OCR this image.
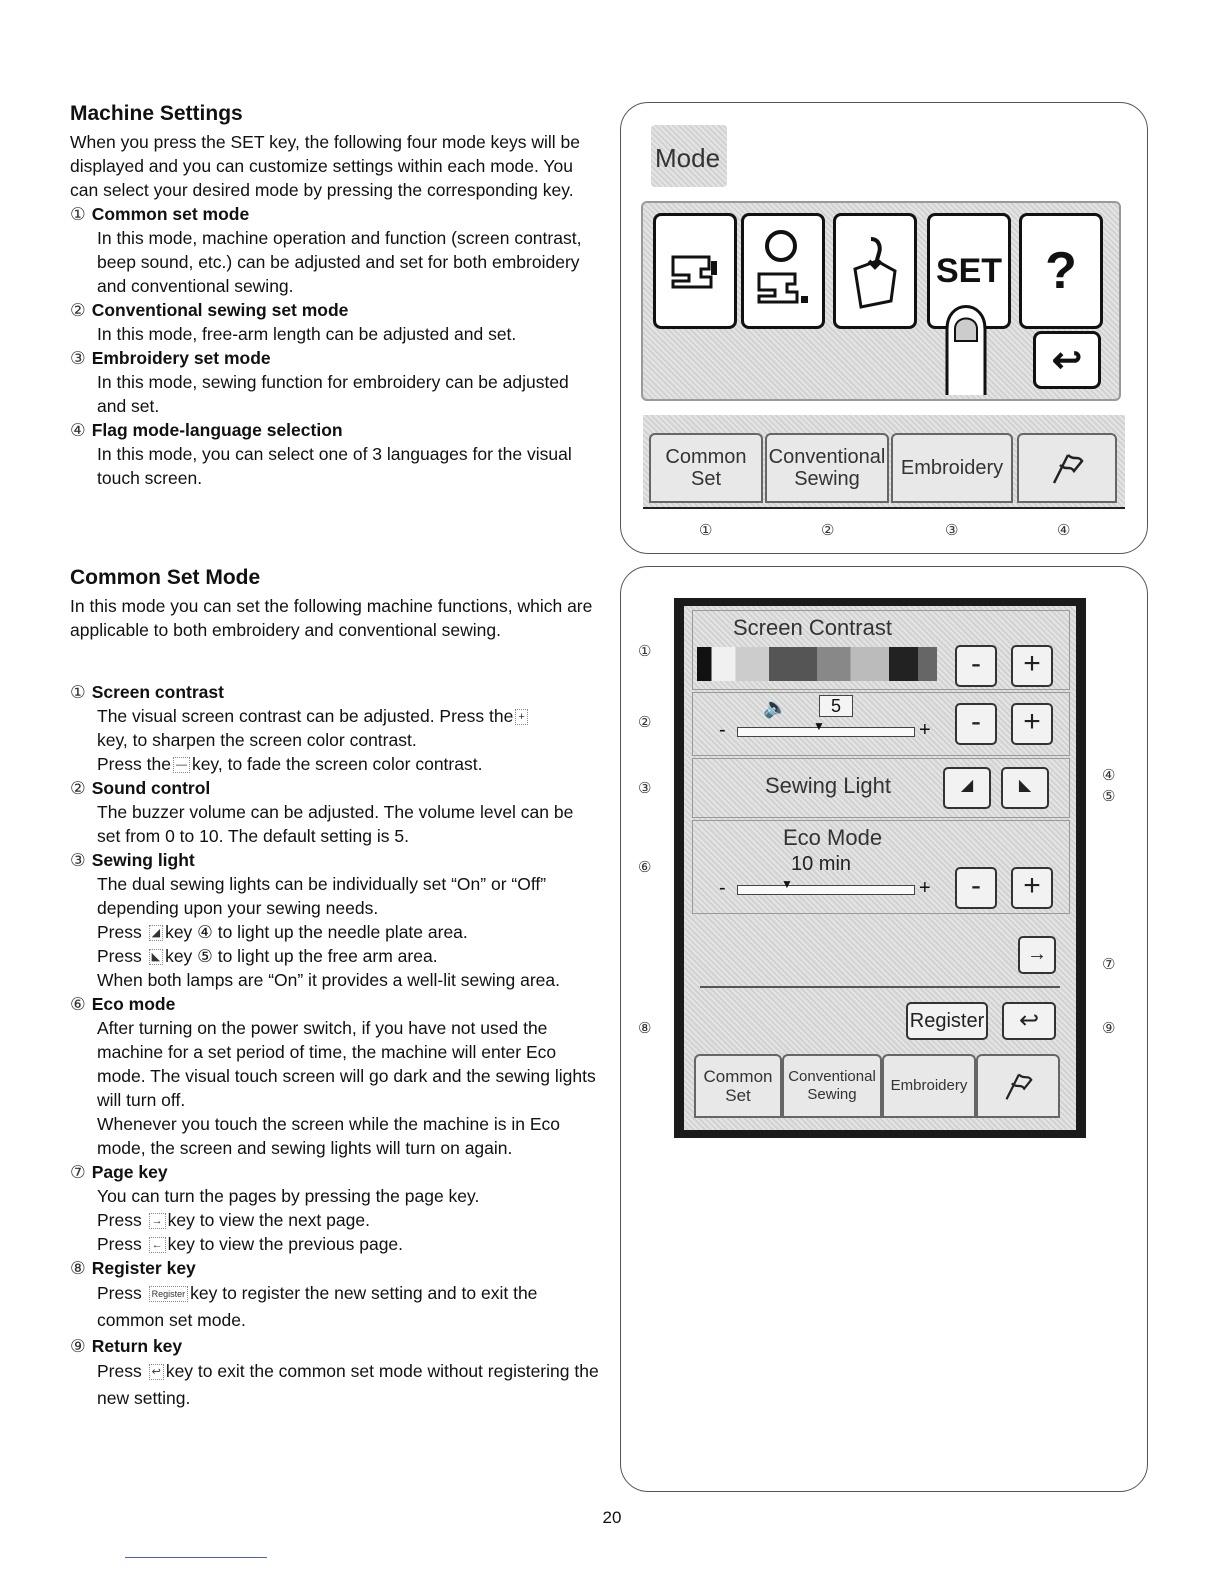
Machine Settings

When you press the SET key, the following four mode keys will be displayed and you can customize settings within each mode. You can select your desired mode by pressing the corresponding key.

① Common set mode

In this mode, machine operation and function (screen contrast, beep sound, etc.) can be adjusted and set for both embroidery and conventional sewing.

② Conventional sewing set mode

In this mode, free-arm length can be adjusted and set.

③ Embroidery set mode

In this mode, sewing function for embroidery can be adjusted and set.

④ Flag mode-language selection

In this mode, you can select one of 3 languages for the visual touch screen.

Common Set Mode

In this mode you can set the following machine functions, which are applicable to both embroidery and conventional sewing.

① Screen contrast

The visual screen contrast can be adjusted. Press the +
key, to sharpen the screen color contrast.
Press the — key, to fade the screen color contrast.

② Sound control

The buzzer volume can be adjusted. The volume level can be set from 0 to 10. The default setting is 5.

③ Sewing light

The dual sewing lights can be individually set “On” or “Off” depending upon your sewing needs.
Press ◢ key ④ to light up the needle plate area.
Press ◣ key ⑤ to light up the free arm area.
When both lamps are “On” it provides a well-lit sewing area.

⑥ Eco mode

After turning on the power switch, if you have not used the machine for a set period of time, the machine will enter Eco mode. The visual touch screen will go dark and the sewing lights will turn off.
Whenever you touch the screen while the machine is in Eco mode, the screen and sewing lights will turn on again.

⑦ Page key

You can turn the pages by pressing the page key.
Press → key to view the next page.
Press ← key to view the previous page.

⑧ Register key

Press Register key to register the new setting and to exit the common set mode.

⑨ Return key

Press ↩ key to exit the common set mode without registering the new setting.

Mode
SET ?
↩
Common
Set
Conventional
Sewing Embroidery
①	②	③	④
Screen Contrast
-	+
🔈	5
-	▼	+	-	+
Sewing Light	◢	◣
Eco Mode
10 min
-	▼	+	-	+
→
Register	↩
Common
Set
Conventional
Sewing
Embroidery
①
②
③
⑥
⑧
④
⑤
⑦
⑨
20
